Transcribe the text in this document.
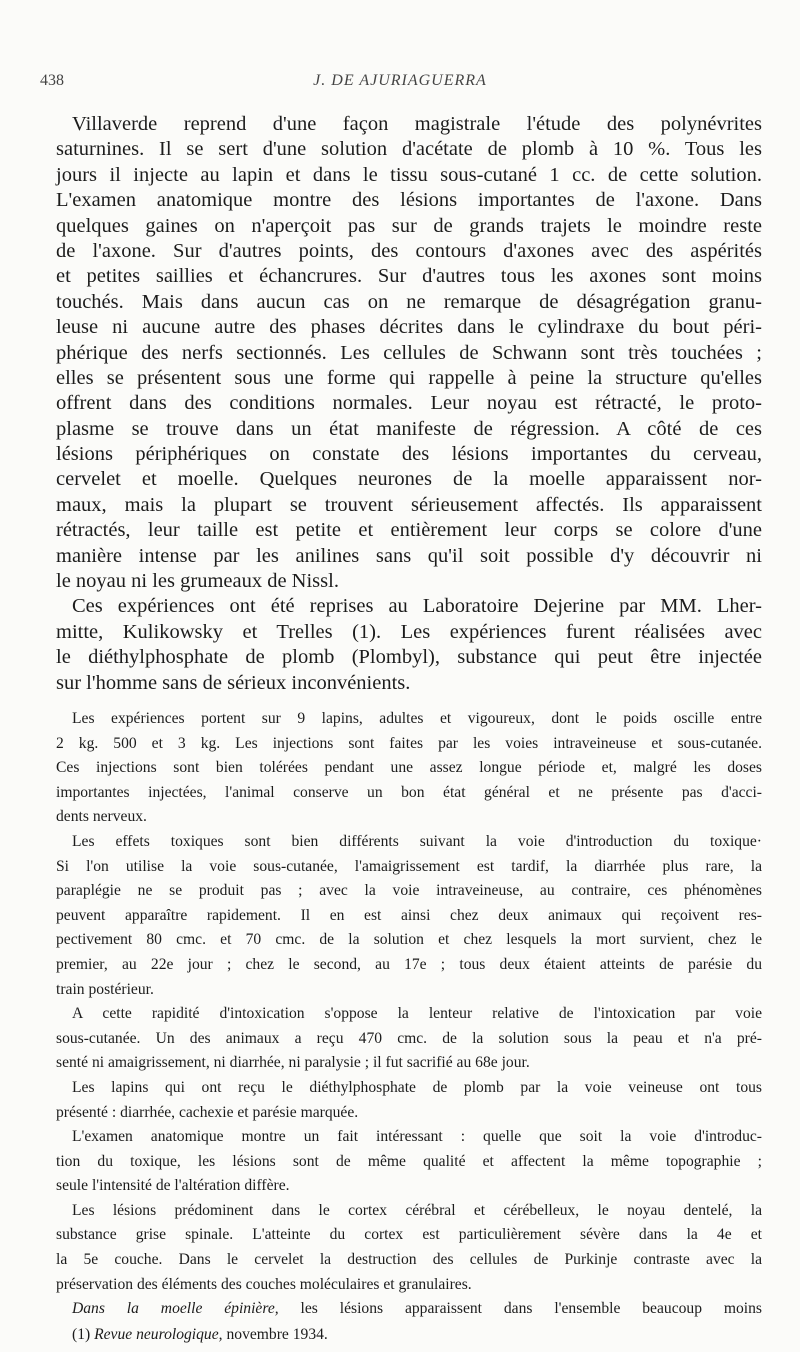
438	J. DE AJURIAGUERRA
Villaverde reprend d'une façon magistrale l'étude des polynévrites
saturnines. Il se sert d'une solution d'acétate de plomb à 10 %. Tous les
jours il injecte au lapin et dans le tissu sous-cutané 1 cc. de cette solution.
L'examen anatomique montre des lésions importantes de l'axone. Dans
quelques gaines on n'aperçoit pas sur de grands trajets le moindre reste
de l'axone. Sur d'autres points, des contours d'axones avec des aspérités
et petites saillies et échancrures. Sur d'autres tous les axones sont moins
touchés. Mais dans aucun cas on ne remarque de désagrégation granu-
leuse ni aucune autre des phases décrites dans le cylindraxe du bout péri-
phérique des nerfs sectionnés. Les cellules de Schwann sont très touchées ;
elles se présentent sous une forme qui rappelle à peine la structure qu'elles
offrent dans des conditions normales. Leur noyau est rétracté, le proto-
plasme se trouve dans un état manifeste de régression. A côté de ces
lésions périphériques on constate des lésions importantes du cerveau,
cervelet et moelle. Quelques neurones de la moelle apparaissent nor-
maux, mais la plupart se trouvent sérieusement affectés. Ils apparaissent
rétractés, leur taille est petite et entièrement leur corps se colore d'une
manière intense par les anilines sans qu'il soit possible d'y découvrir ni
le noyau ni les grumeaux de Nissl.
Ces expériences ont été reprises au Laboratoire Dejerine par MM. Lher-
mitte, Kulikowsky et Trelles (1). Les expériences furent réalisées avec
le diéthylphosphate de plomb (Plombyl), substance qui peut être injectée
sur l'homme sans de sérieux inconvénients.
Les expériences portent sur 9 lapins, adultes et vigoureux, dont le poids oscille entre
2 kg. 500 et 3 kg. Les injections sont faites par les voies intraveineuse et sous-cutanée.
Ces injections sont bien tolérées pendant une assez longue période et, malgré les doses
importantes injectées, l'animal conserve un bon état général et ne présente pas d'acci-
dents nerveux.
Les effets toxiques sont bien différents suivant la voie d'introduction du toxique·
Si l'on utilise la voie sous-cutanée, l'amaigrissement est tardif, la diarrhée plus rare, la
paraplégie ne se produit pas ; avec la voie intraveineuse, au contraire, ces phénomènes
peuvent apparaître rapidement. Il en est ainsi chez deux animaux qui reçoivent res-
pectivement 80 cmc. et 70 cmc. de la solution et chez lesquels la mort survient, chez le
premier, au 22e jour ; chez le second, au 17e ; tous deux étaient atteints de parésie du
train postérieur.
A cette rapidité d'intoxication s'oppose la lenteur relative de l'intoxication par voie
sous-cutanée. Un des animaux a reçu 470 cmc. de la solution sous la peau et n'a pré-
senté ni amaigrissement, ni diarrhée, ni paralysie ; il fut sacrifié au 68e jour.
Les lapins qui ont reçu le diéthylphosphate de plomb par la voie veineuse ont tous
présenté : diarrhée, cachexie et parésie marquée.
L'examen anatomique montre un fait intéressant : quelle que soit la voie d'introduc-
tion du toxique, les lésions sont de même qualité et affectent la même topographie ;
seule l'intensité de l'altération diffère.
Les lésions prédominent dans le cortex cérébral et cérébelleux, le noyau dentelé, la
substance grise spinale. L'atteinte du cortex est particulièrement sévère dans la 4e et
la 5e couche. Dans le cervelet la destruction des cellules de Purkinje contraste avec la
préservation des éléments des couches moléculaires et granulaires.
Dans la moelle épinière, les lésions apparaissent dans l'ensemble beaucoup moins
(1) Revue neurologique, novembre 1934.
